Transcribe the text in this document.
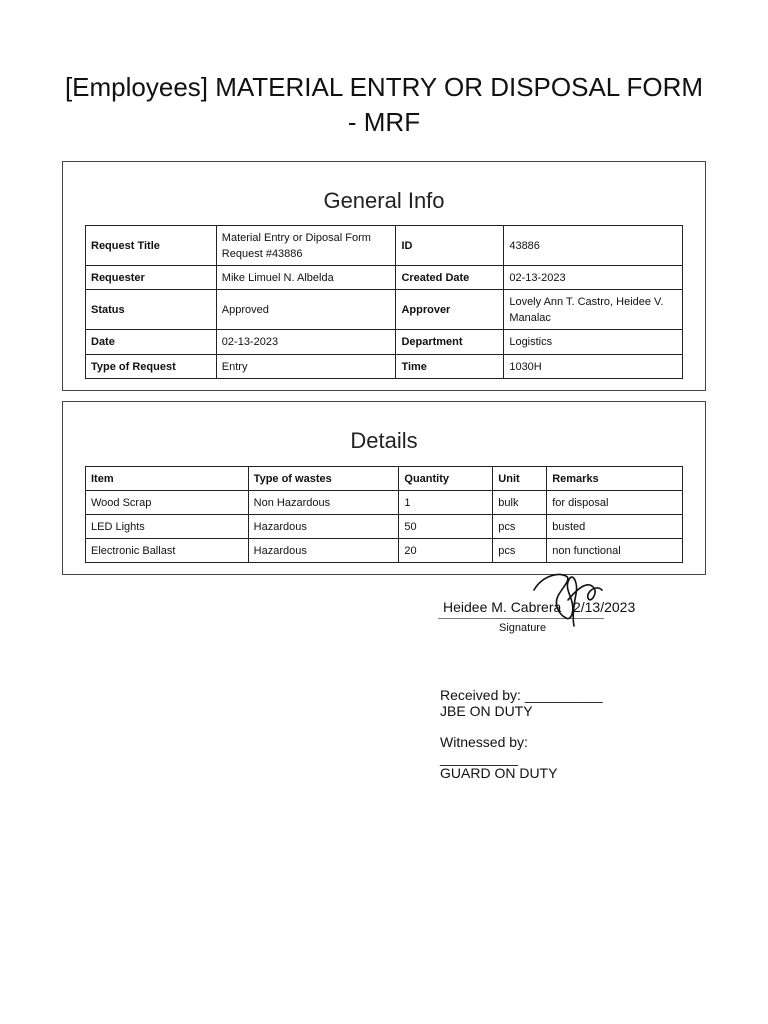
[Employees] MATERIAL ENTRY OR DISPOSAL FORM - MRF
General Info
Request Title	Material Entry or Diposal Form Request #43886	ID	43886
Requester	Mike Limuel N. Albelda	Created Date	02-13-2023
Status	Approved	Approver	Lovely Ann T. Castro, Heidee V. Manalac
Date	02-13-2023	Department	Logistics
Type of Request	Entry	Time	1030H
Details
Item	Type of wastes	Quantity	Unit	Remarks
Wood Scrap	Non Hazardous	1	bulk	for disposal
LED Lights	Hazardous	50	pcs	busted
Electronic Ballast	Hazardous	20	pcs	non functional
Heidee M. Cabrera   2/13/2023
Signature
Received by: __________
JBE ON DUTY
Witnessed by:
__________
GUARD ON DUTY
